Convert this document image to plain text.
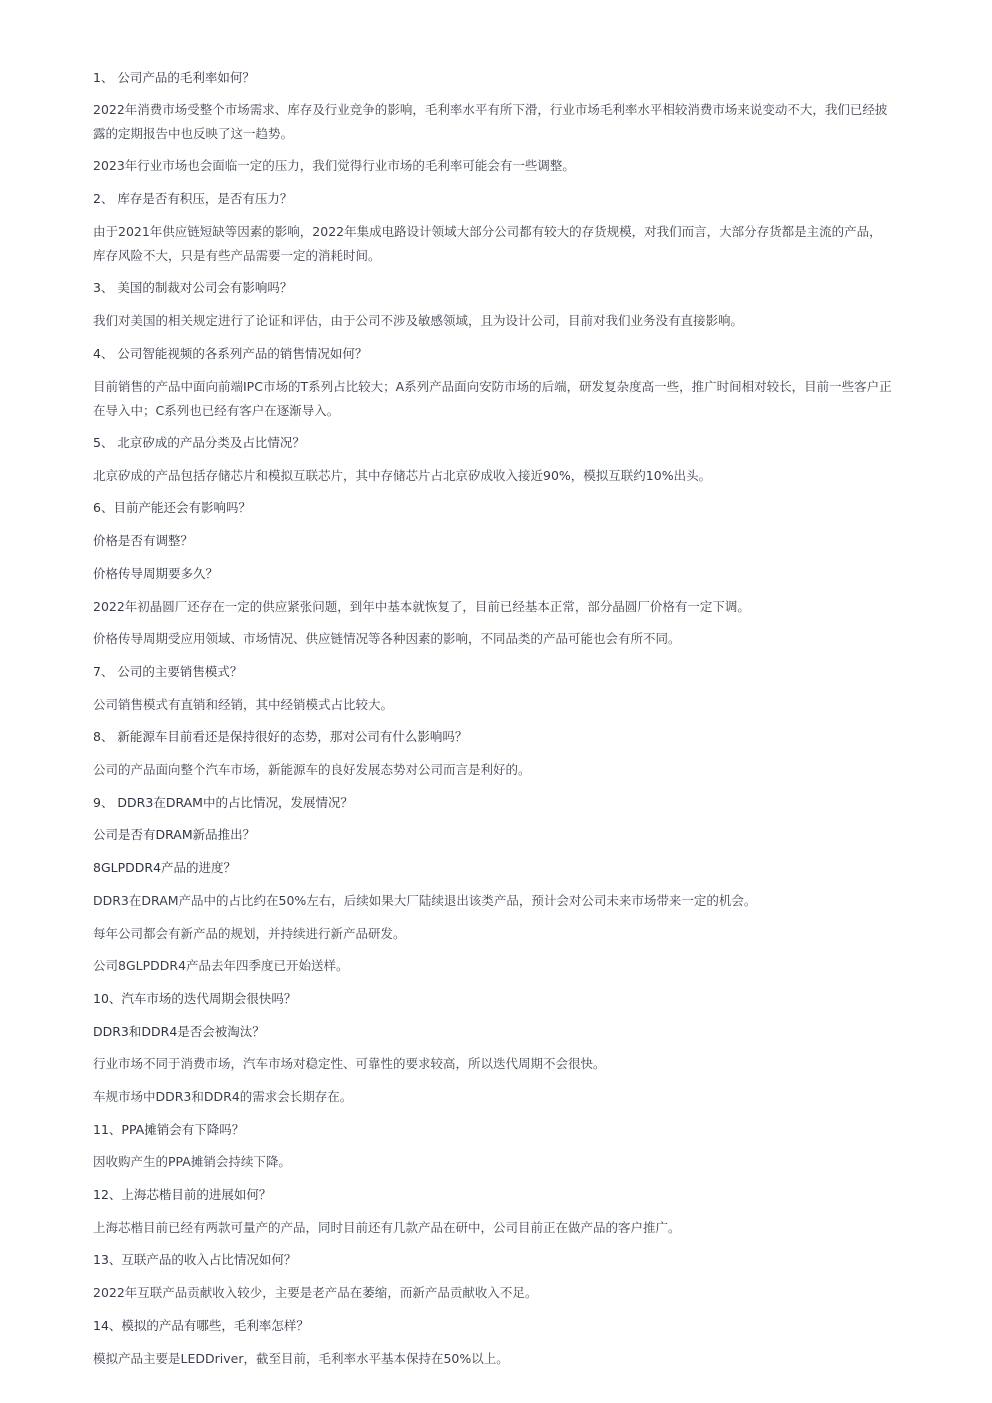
1、 公司产品的毛利率如何？
2022年消费市场受整个市场需求、库存及行业竞争的影响，毛利率水平有所下滑，行业市场毛利率水平相较消费市场来说变动不大，我们已经披
露的定期报告中也反映了这一趋势。
2023年行业市场也会面临一定的压力，我们觉得行业市场的毛利率可能会有一些调整。
2、 库存是否有积压，是否有压力？
由于2021年供应链短缺等因素的影响，2022年集成电路设计领域大部分公司都有较大的存货规模，对我们而言，大部分存货都是主流的产品，
库存风险不大，只是有些产品需要一定的消耗时间。
3、 美国的制裁对公司会有影响吗？
我们对美国的相关规定进行了论证和评估，由于公司不涉及敏感领域，且为设计公司，目前对我们业务没有直接影响。
4、 公司智能视频的各系列产品的销售情况如何？
目前销售的产品中面向前端IPC市场的T系列占比较大；A系列产品面向安防市场的后端，研发复杂度高一些，推广时间相对较长，目前一些客户正
在导入中；C系列也已经有客户在逐渐导入。
5、 北京矽成的产品分类及占比情况？
北京矽成的产品包括存储芯片和模拟互联芯片，其中存储芯片占北京矽成收入接近90%，模拟互联约10%出头。
6、目前产能还会有影响吗？
价格是否有调整？
价格传导周期要多久？
2022年初晶圆厂还存在一定的供应紧张问题，到年中基本就恢复了，目前已经基本正常，部分晶圆厂价格有一定下调。
价格传导周期受应用领域、市场情况、供应链情况等各种因素的影响，不同品类的产品可能也会有所不同。
7、 公司的主要销售模式？
公司销售模式有直销和经销，其中经销模式占比较大。
8、 新能源车目前看还是保持很好的态势，那对公司有什么影响吗？
公司的产品面向整个汽车市场，新能源车的良好发展态势对公司而言是利好的。
9、 DDR3在DRAM中的占比情况，发展情况？
公司是否有DRAM新品推出？
8GLPDDR4产品的进度？
DDR3在DRAM产品中的占比约在50%左右，后续如果大厂陆续退出该类产品，预计会对公司未来市场带来一定的机会。
每年公司都会有新产品的规划，并持续进行新产品研发。
公司8GLPDDR4产品去年四季度已开始送样。
10、汽车市场的迭代周期会很快吗？
DDR3和DDR4是否会被淘汰？
行业市场不同于消费市场，汽车市场对稳定性、可靠性的要求较高，所以迭代周期不会很快。
车规市场中DDR3和DDR4的需求会长期存在。
11、PPA摊销会有下降吗？
因收购产生的PPA摊销会持续下降。
12、上海芯楷目前的进展如何？
上海芯楷目前已经有两款可量产的产品，同时目前还有几款产品在研中，公司目前正在做产品的客户推广。
13、互联产品的收入占比情况如何？
2022年互联产品贡献收入较少，主要是老产品在萎缩，而新产品贡献收入不足。
14、模拟的产品有哪些，毛利率怎样？
模拟产品主要是LEDDriver，截至目前，毛利率水平基本保持在50%以上。
